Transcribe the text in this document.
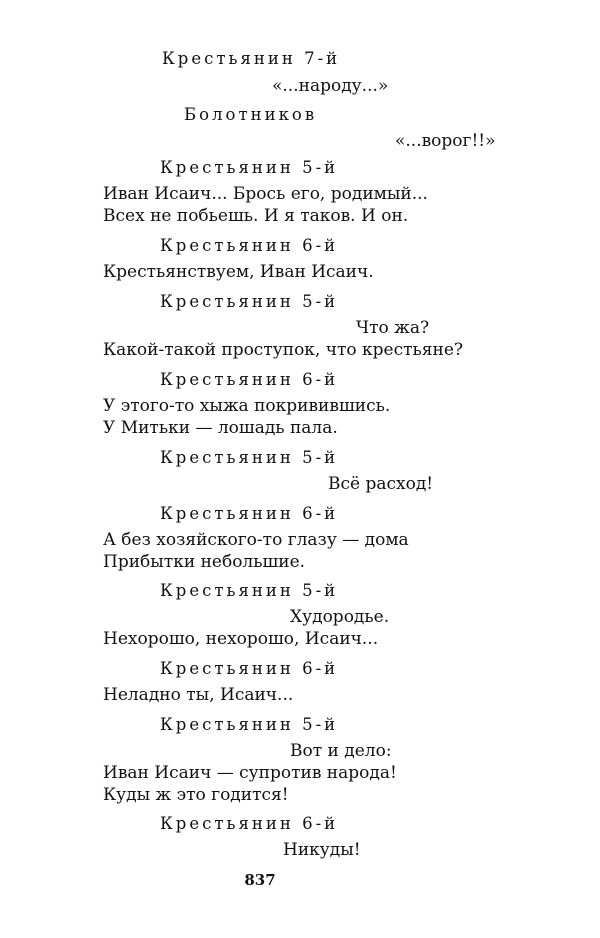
Крестьянин 7-й
«...народу...»
Болотников
«...ворог!!»
Крестьянин 5-й
Иван Исаич... Брось его, родимый...
Всех не побьешь. И я таков. И он.
Крестьянин 6-й
Крестьянствуем, Иван Исаич.
Крестьянин 5-й
Что жа?
Какой-такой проступок, что крестьяне?
Крестьянин 6-й
У этого-то хыжа покривившись.
У Митьки — лошадь пала.
Крестьянин 5-й
Всё расход!
Крестьянин 6-й
А без хозяйского-то глазу — дома
Прибытки небольшие.
Крестьянин 5-й
Худородье.
Нехорошо, нехорошо, Исаич...
Крестьянин 6-й
Неладно ты, Исаич...
Крестьянин 5-й
Вот и дело:
Иван Исаич — супротив народа!
Куды ж это годится!
Крестьянин 6-й
Никуды!
837
